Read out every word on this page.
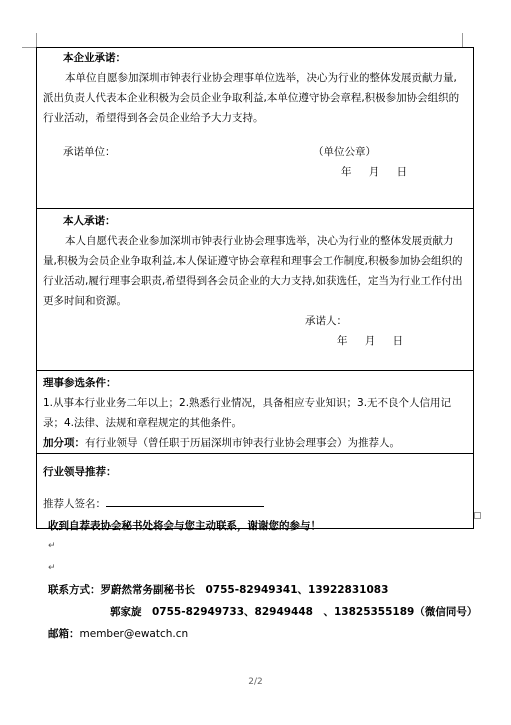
本企业承诺：
本单位自愿参加深圳市钟表行业协会理事单位选举，决心为行业的整体发展贡献力量,派出负责人代表本企业积极为会员企业争取利益,本单位遵守协会章程,积极参加协会组织的行业活动，希望得到各会员企业给予大力支持。
承诺单位：	（单位公章）
年 月 日

本人承诺：
本人自愿代表企业参加深圳市钟表行业协会理事选举，决心为行业的整体发展贡献力量,积极为会员企业争取利益,本人保证遵守协会章程和理事会工作制度,积极参加协会组织的行业活动,履行理事会职责,希望得到各会员企业的大力支持,如获选任，定当为行业工作付出更多时间和资源。
承诺人：
年 月 日

理事参选条件：
1.从事本行业业务二年以上；2.熟悉行业情况，具备相应专业知识；3.无不良个人信用记录；4.法律、法规和章程规定的其他条件。
加分项：有行业领导（曾任职于历届深圳市钟表行业协会理事会）为推荐人。

行业领导推荐：
推荐人签名：
收到自荐表协会秘书处将会与您主动联系，谢谢您的参与！
↵
↵
联系方式：罗蔚然常务副秘书长　0755-82949341、13922831083
郭家旋　0755-82949733、82949448　、13825355189（微信同号）
邮箱：member@ewatch.cn
2/2
